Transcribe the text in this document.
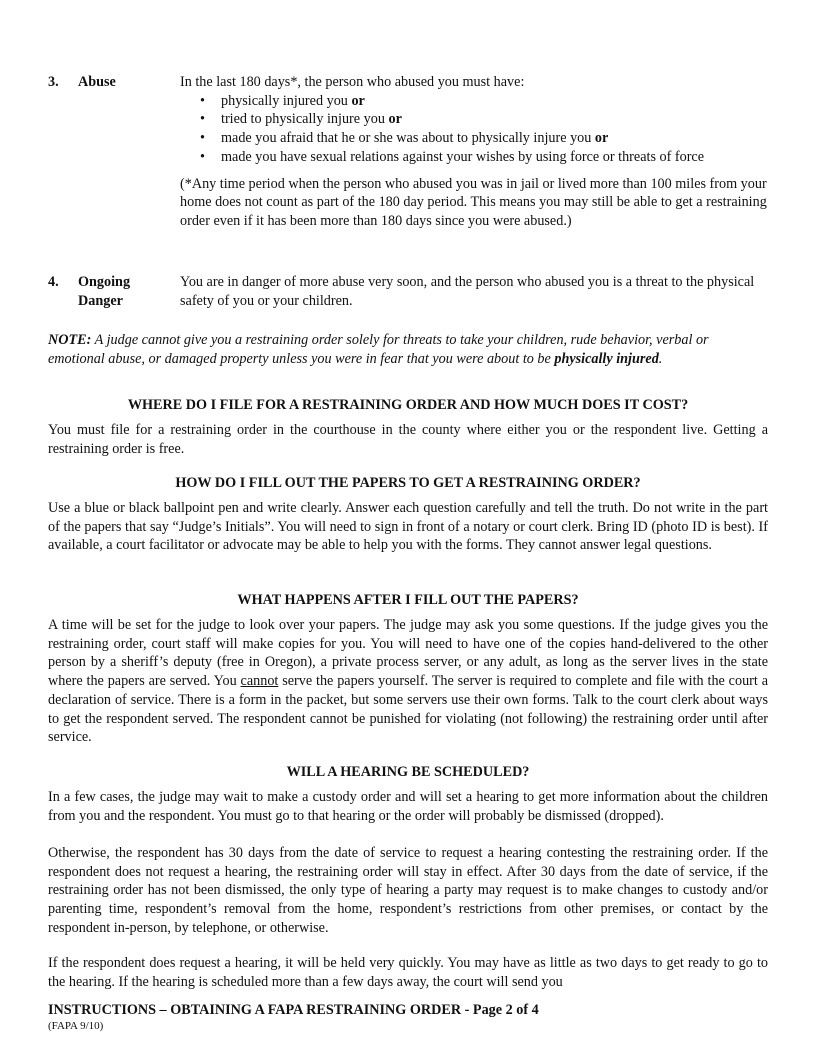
3. Abuse	In the last 180 days*, the person who abused you must have:

• physically injured you or
• tried to physically injure you or
• made you afraid that he or she was about to physically injure you or
• made you have sexual relations against your wishes by using force or threats of force

(*Any time period when the person who abused you was in jail or lived more than 100 miles from your home does not count as part of the 180 day period. This means you may still be able to get a restraining order even if it has been more than 180 days since you were abused.)

4. Ongoing
Danger

You are in danger of more abuse very soon, and the person who abused you is a threat to the physical safety of you or your children.

NOTE: A judge cannot give you a restraining order solely for threats to take your children, rude behavior, verbal or emotional abuse, or damaged property unless you were in fear that you were about to be physically injured.

WHERE DO I FILE FOR A RESTRAINING ORDER AND HOW MUCH DOES IT COST?

You must file for a restraining order in the courthouse in the county where either you or the respondent live. Getting a restraining order is free.

HOW DO I FILL OUT THE PAPERS TO GET A RESTRAINING ORDER?

Use a blue or black ballpoint pen and write clearly. Answer each question carefully and tell the truth. Do not write in the part of the papers that say “Judge’s Initials”. You will need to sign in front of a notary or court clerk. Bring ID (photo ID is best). If available, a court facilitator or advocate may be able to help you with the forms. They cannot answer legal questions.

WHAT HAPPENS AFTER I FILL OUT THE PAPERS?

A time will be set for the judge to look over your papers. The judge may ask you some questions. If the judge gives you the restraining order, court staff will make copies for you. You will need to have one of the copies hand-delivered to the other person by a sheriff’s deputy (free in Oregon), a private process server, or any adult, as long as the server lives in the state where the papers are served. You cannot serve the papers yourself. The server is required to complete and file with the court a declaration of service. There is a form in the packet, but some servers use their own forms. Talk to the court clerk about ways to get the respondent served. The respondent cannot be punished for violating (not following) the restraining order until after service.

WILL A HEARING BE SCHEDULED?

In a few cases, the judge may wait to make a custody order and will set a hearing to get more information about the children from you and the respondent. You must go to that hearing or the order will probably be dismissed (dropped).

Otherwise, the respondent has 30 days from the date of service to request a hearing contesting the restraining order. If the respondent does not request a hearing, the restraining order will stay in effect. After 30 days from the date of service, if the restraining order has not been dismissed, the only type of hearing a party may request is to make changes to custody and/or parenting time, respondent’s removal from the home, respondent’s restrictions from other premises, or contact by the respondent in-person, by telephone, or otherwise.

If the respondent does request a hearing, it will be held very quickly. You may have as little as two days to get ready to go to the hearing. If the hearing is scheduled more than a few days away, the court will send you

INSTRUCTIONS – OBTAINING A FAPA RESTRAINING ORDER - Page 2 of 4

(FAPA 9/10)
